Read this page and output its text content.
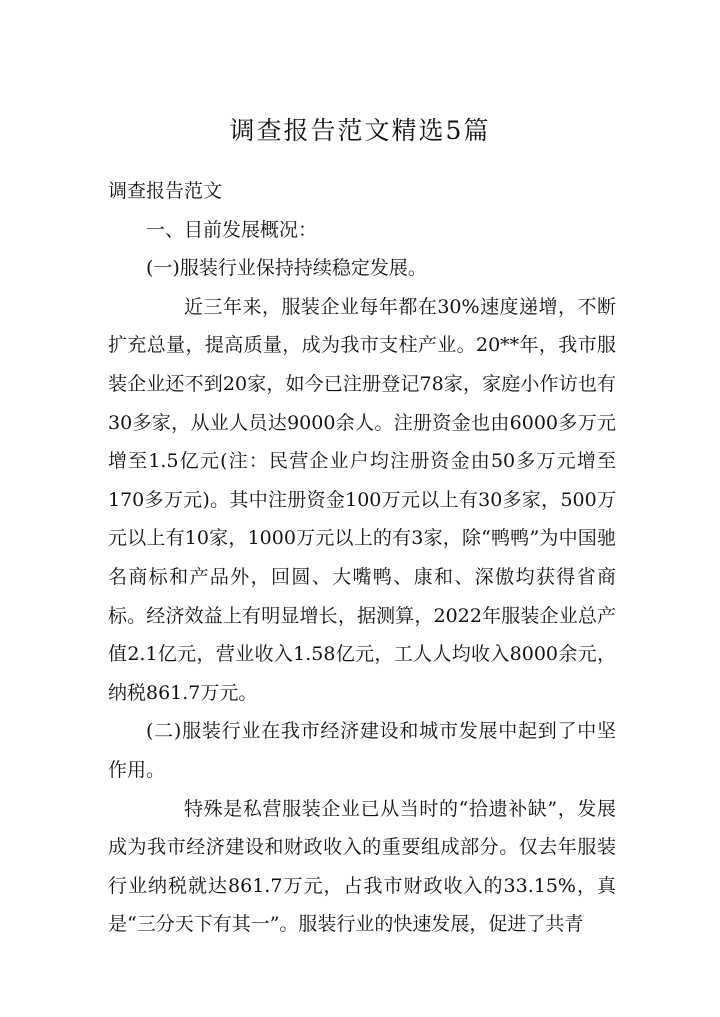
调查报告范文精选5篇

调查报告范文

一、目前发展概况：

(一)服装行业保持持续稳定发展。

近三年来，服装企业每年都在30%速度递增，不断扩充总量，提高质量，成为我市支柱产业。20**年，我市服装企业还不到20家，如今已注册登记78家，家庭小作访也有30多家，从业人员达9000余人。注册资金也由6000多万元增至1.5亿元(注：民营企业户均注册资金由50多万元增至170多万元)。其中注册资金100万元以上有30多家，500万元以上有10家，1000万元以上的有3家，除“鸭鸭”为中国驰名商标和产品外，回圆、大嘴鸭、康和、深傲均获得省商标。经济效益上有明显增长，据测算，2022年服装企业总产值2.1亿元，营业收入1.58亿元，工人人均收入8000余元，纳税861.7万元。

(二)服装行业在我市经济建设和城市发展中起到了中坚作用。

特殊是私营服装企业已从当时的“拾遗补缺”，发展成为我市经济建设和财政收入的重要组成部分。仅去年服装行业纳税就达861.7万元，占我市财政收入的33.15%，真是“三分天下有其一”。服装行业的快速发展，促进了共青
